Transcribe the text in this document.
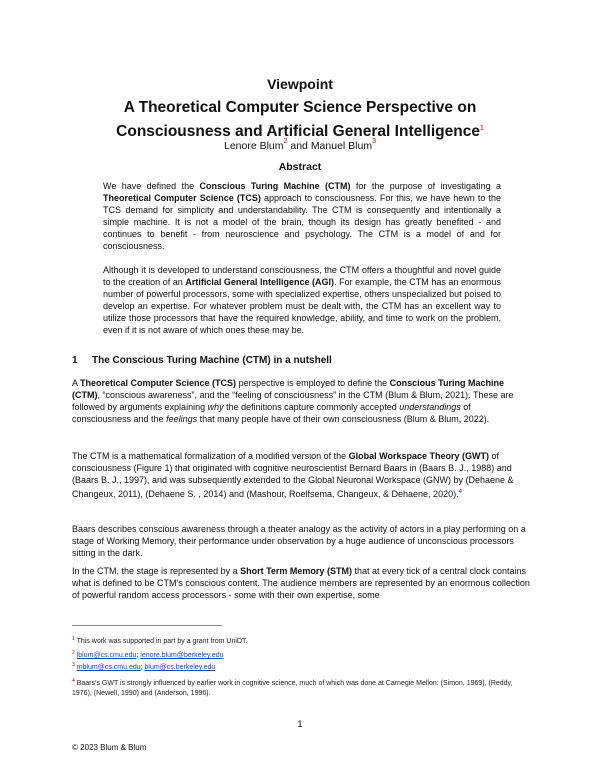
Viewpoint
A Theoretical Computer Science Perspective on
Consciousness and Artificial General Intelligence$^1$
Lenore Blum$^2$ and Manuel Blum$^3$
Abstract

We have defined the Conscious Turing Machine (CTM) for the purpose of investigating a Theoretical Computer Science (TCS) approach to consciousness. For this, we have hewn to the TCS demand for simplicity and understandability. The CTM is consequently and intentionally a simple machine. It is not a model of the brain, though its design has greatly benefited - and continues to benefit - from neuroscience and psychology. The CTM is a model of and for consciousness.

Although it is developed to understand consciousness, the CTM offers a thoughtful and novel guide to the creation of an Artificial General Intelligence (AGI). For example, the CTM has an enormous number of powerful processors, some with specialized expertise, others unspecialized but poised to develop an expertise. For whatever problem must be dealt with, the CTM has an excellent way to utilize those processors that have the required knowledge, ability, and time to work on the problem, even if it is not aware of which ones these may be.

1 The Conscious Turing Machine (CTM) in a nutshell

A Theoretical Computer Science (TCS) perspective is employed to define the Conscious Turing Machine (CTM), “conscious awareness”, and the “feeling of consciousness” in the CTM (Blum & Blum, 2021). These are followed by arguments explaining why the definitions capture commonly accepted understandings of consciousness and the feelings that many people have of their own consciousness (Blum & Blum, 2022).

The CTM is a mathematical formalization of a modified version of the Global Workspace Theory (GWT) of consciousness (Figure 1) that originated with cognitive neuroscientist Bernard Baars in (Baars B. J., 1988) and (Baars B. J., 1997), and was subsequently extended to the Global Neuronal Workspace (GNW) by (Dehaene & Changeux, 2011), (Dehaene S. , 2014) and (Mashour, Roelfsema, Changeux, & Dehaene, 2020).$^4$

Baars describes conscious awareness through a theater analogy as the activity of actors in a play performing on a stage of Working Memory, their performance under observation by a huge audience of unconscious processors sitting in the dark.

In the CTM, the stage is represented by a Short Term Memory (STM) that at every tick of a central clock contains what is defined to be CTM’s conscious content. The audience members are represented by an enormous collection of powerful random access processors - some with their own expertise, some

$^1$ This work was supported in part by a grant from UniDT.

$^2$ lblum@cs.cmu.edu; lenore.blum@berkeley.edu

$^3$ mblum@cs.cmu.edu; blum@cs.berkeley.edu

$^4$ Baars’s GWT is strongly influenced by earlier work in cognitive science, much of which was done at Carnegie Mellon: (Simon, 1969), (Reddy, 1976), (Newell, 1990) and (Anderson, 1996).

1
© 2023 Blum & Blum
